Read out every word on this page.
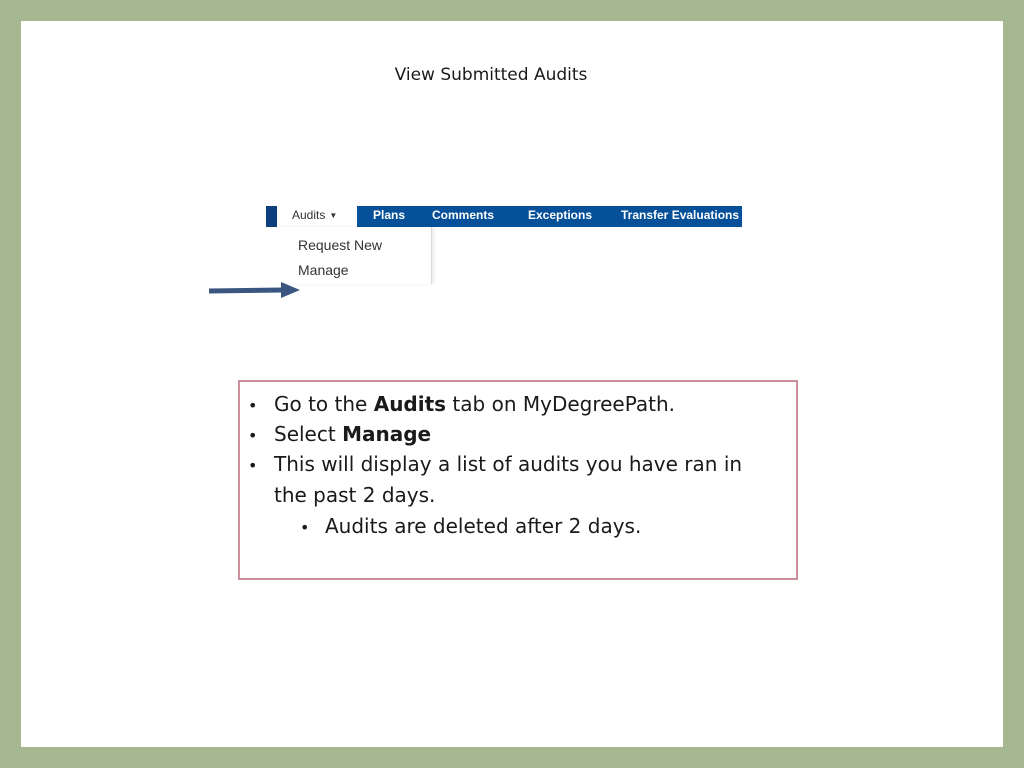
View Submitted Audits
Audits ▼	Plans Comments	Exceptions Transfer Evaluations
Request New
Manage
• Go to the Audits tab on MyDegreePath.
• Select Manage
• This will display a list of audits you have ran in
the past 2 days.
• Audits are deleted after 2 days.
